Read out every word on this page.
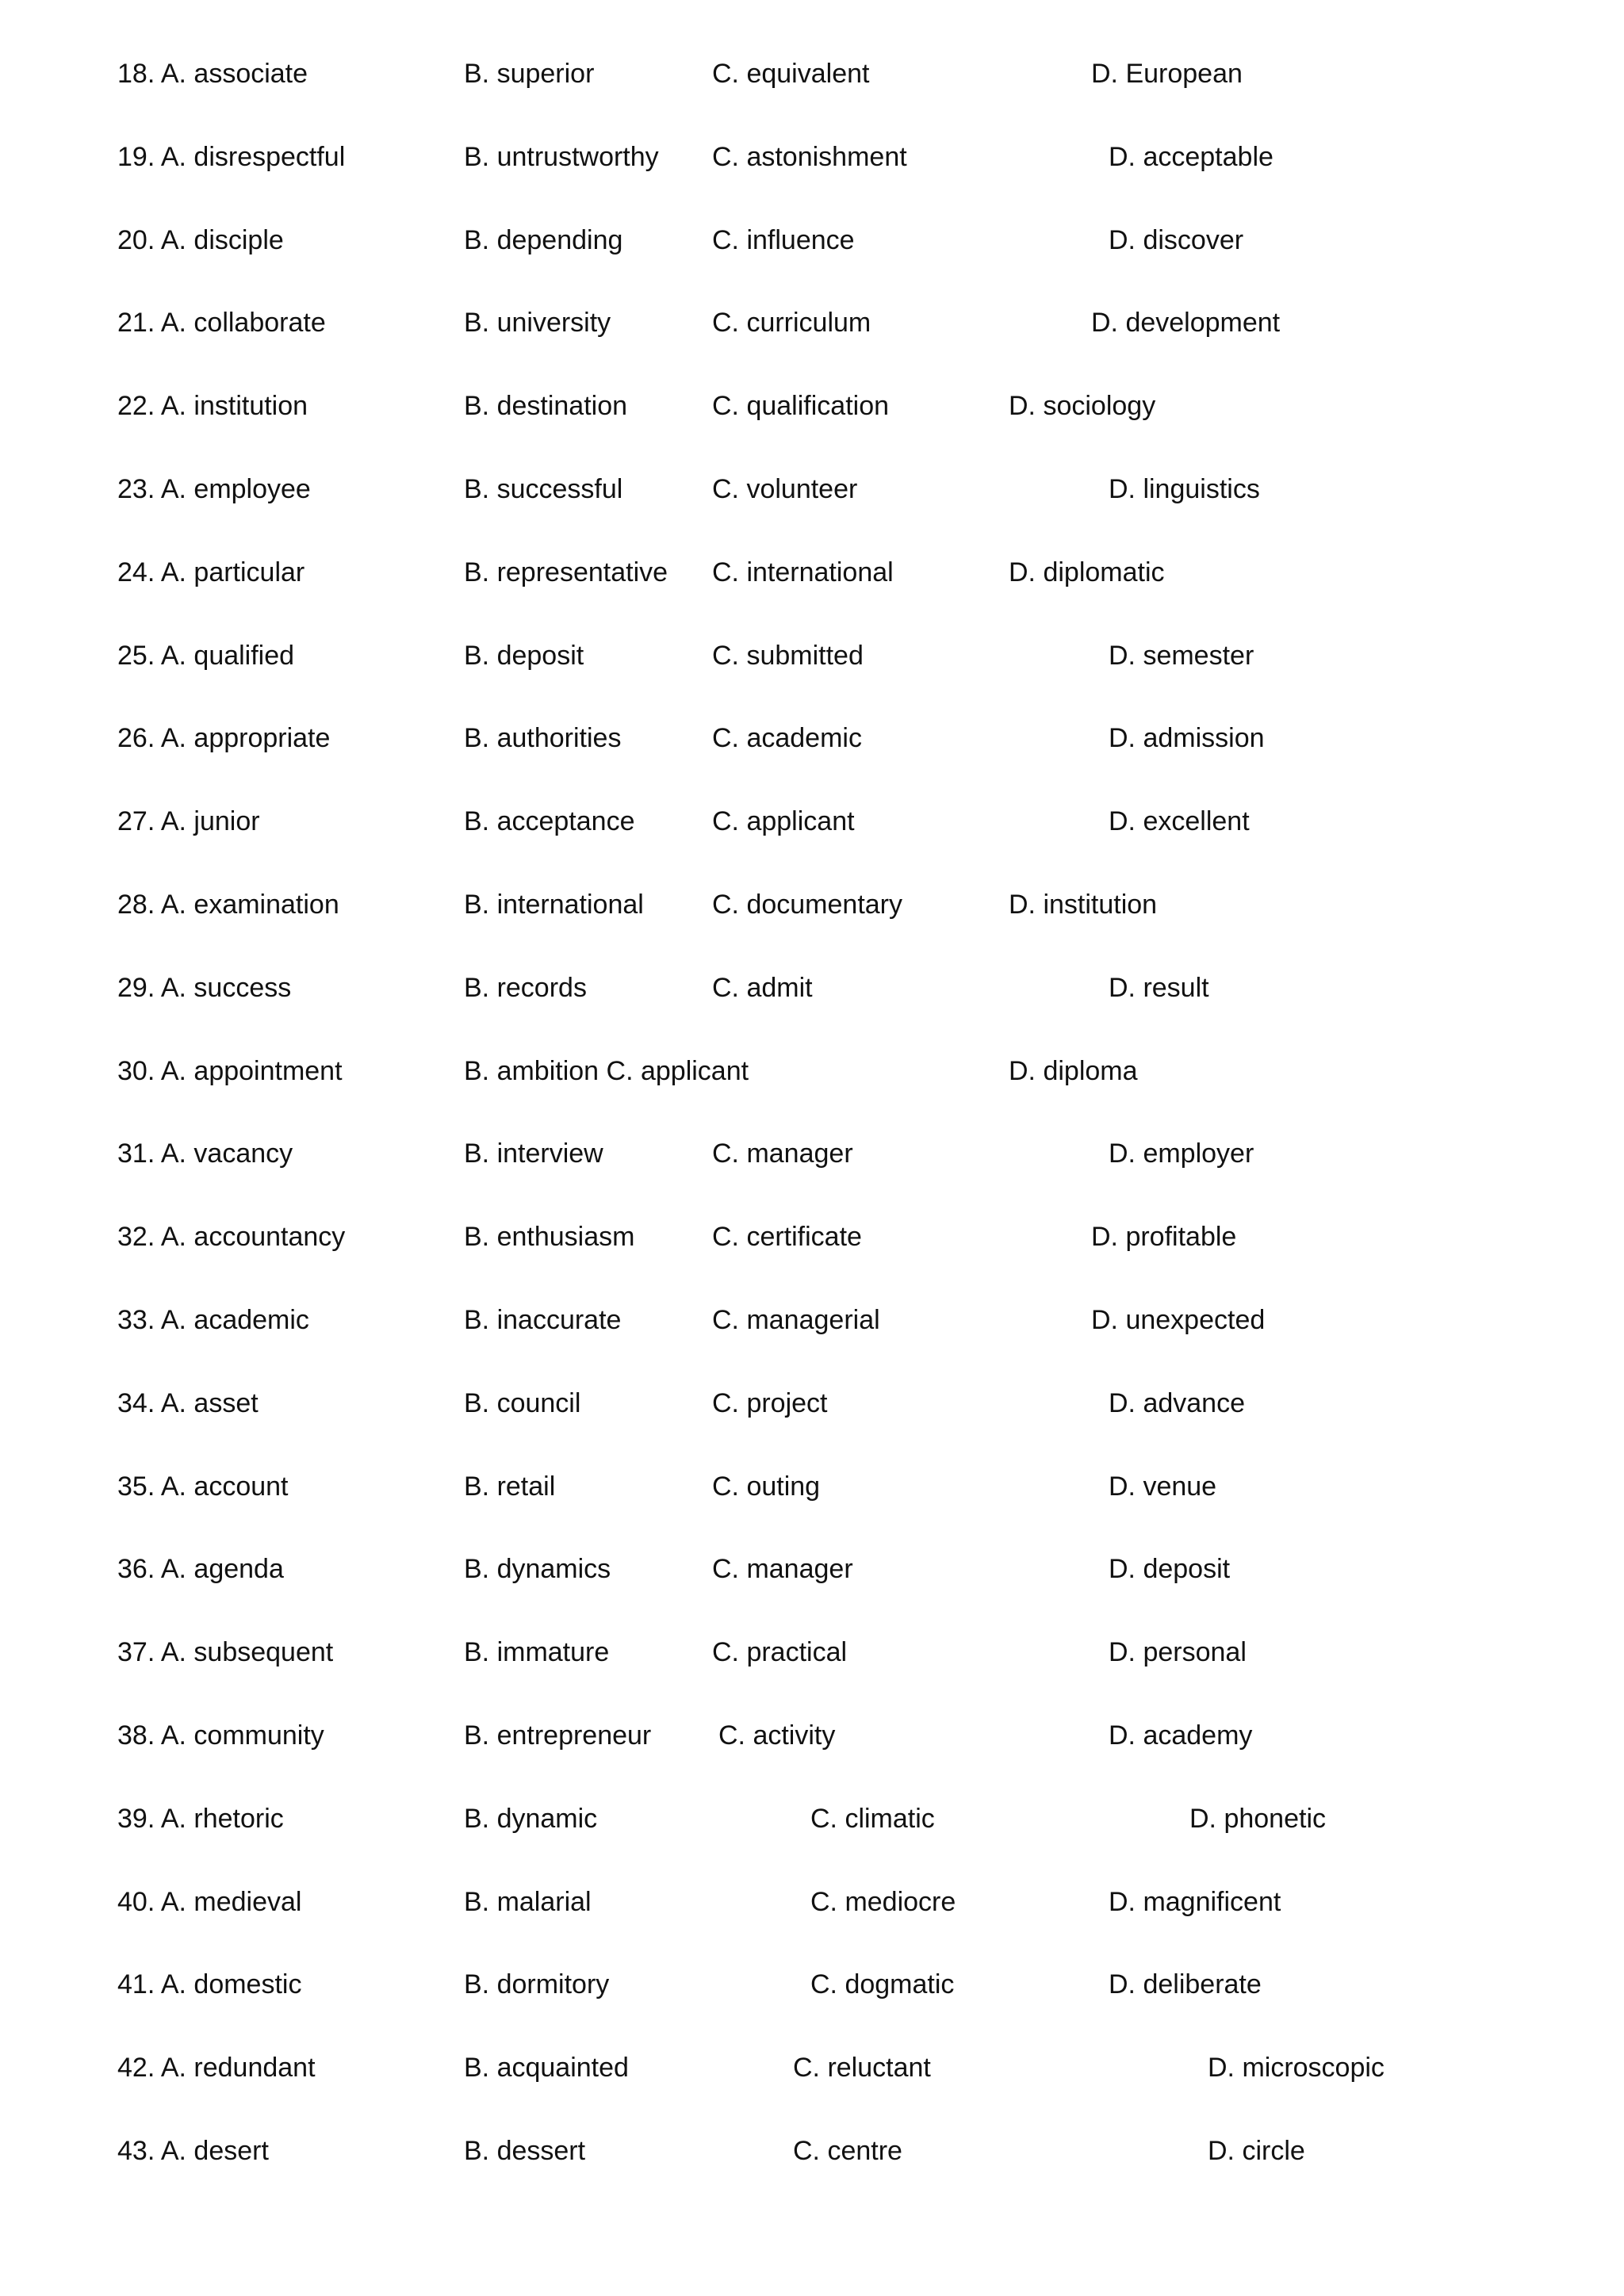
18. A. associate	B. superior	C. equivalent	D. European
19. A. disrespectful	B. untrustworthy C. astonishment	D. acceptable
20. A. disciple	B. depending	C. influence	D. discover
21. A. collaborate	B. university	C. curriculum	D. development
22. A. institution	B. destination	C. qualification	D. sociology
23. A. employee	B. successful	C. volunteer	D. linguistics
24. A. particular	B. representative C. international	D. diplomatic
25. A. qualified	B. deposit	C. submitted	D. semester
26. A. appropriate	B. authorities	C. academic	D. admission
27. A. junior	B. acceptance	C. applicant	D. excellent
28. A. examination	B. international	C. documentary	D. institution
29. A. success	B. records	C. admit	D. result
30. A. appointment	B. ambition C. applicant	D. diploma
31. A. vacancy	B. interview	C. manager	D. employer
32. A. accountancy	B. enthusiasm	C. certificate	D. profitable
33. A. academic	B. inaccurate	C. managerial	D. unexpected
34. A. asset	B. council	C. project	D. advance
35. A. account	B. retail	C. outing	D. venue
36. A. agenda	B. dynamics	C. manager	D. deposit
37. A. subsequent	B. immature	C. practical	D. personal
38. A. community	B. entrepreneur C. activity	D. academy
39. A. rhetoric	B. dynamic	C. climatic	D. phonetic
40. A. medieval	B. malarial	C. mediocre	D. magnificent
41. A. domestic	B. dormitory	C. dogmatic	D. deliberate
42. A. redundant	B. acquainted	C. reluctant	D. microscopic
43. A. desert	B. dessert	C. centre	D. circle
